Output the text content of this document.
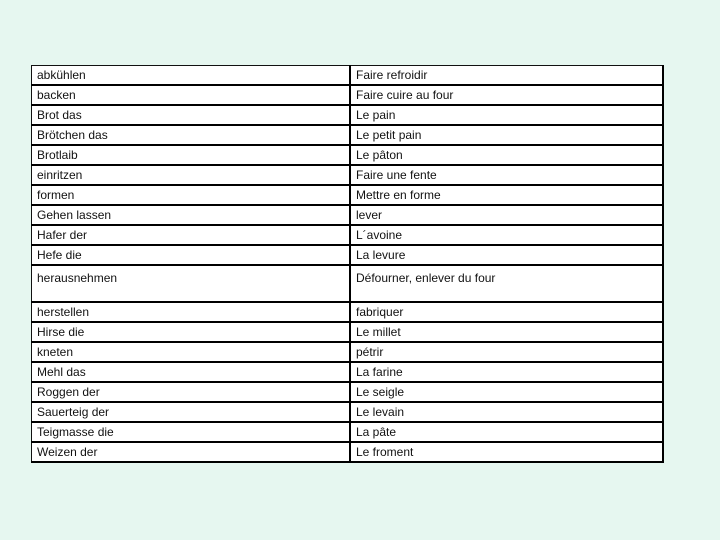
abkühlen	Faire refroidir
backen	Faire cuire au four
Brot das	Le pain
Brötchen das	Le petit pain
Brotlaib	Le pâton
einritzen	Faire une fente
formen	Mettre en forme
Gehen lassen	lever
Hafer der	L´avoine
Hefe die	La levure
herausnehmen	Défourner, enlever du four
herstellen	fabriquer
Hirse die	Le millet
kneten	pétrir
Mehl das	La farine
Roggen der	Le seigle
Sauerteig der	Le levain
Teigmasse die	La pâte
Weizen der	Le froment
